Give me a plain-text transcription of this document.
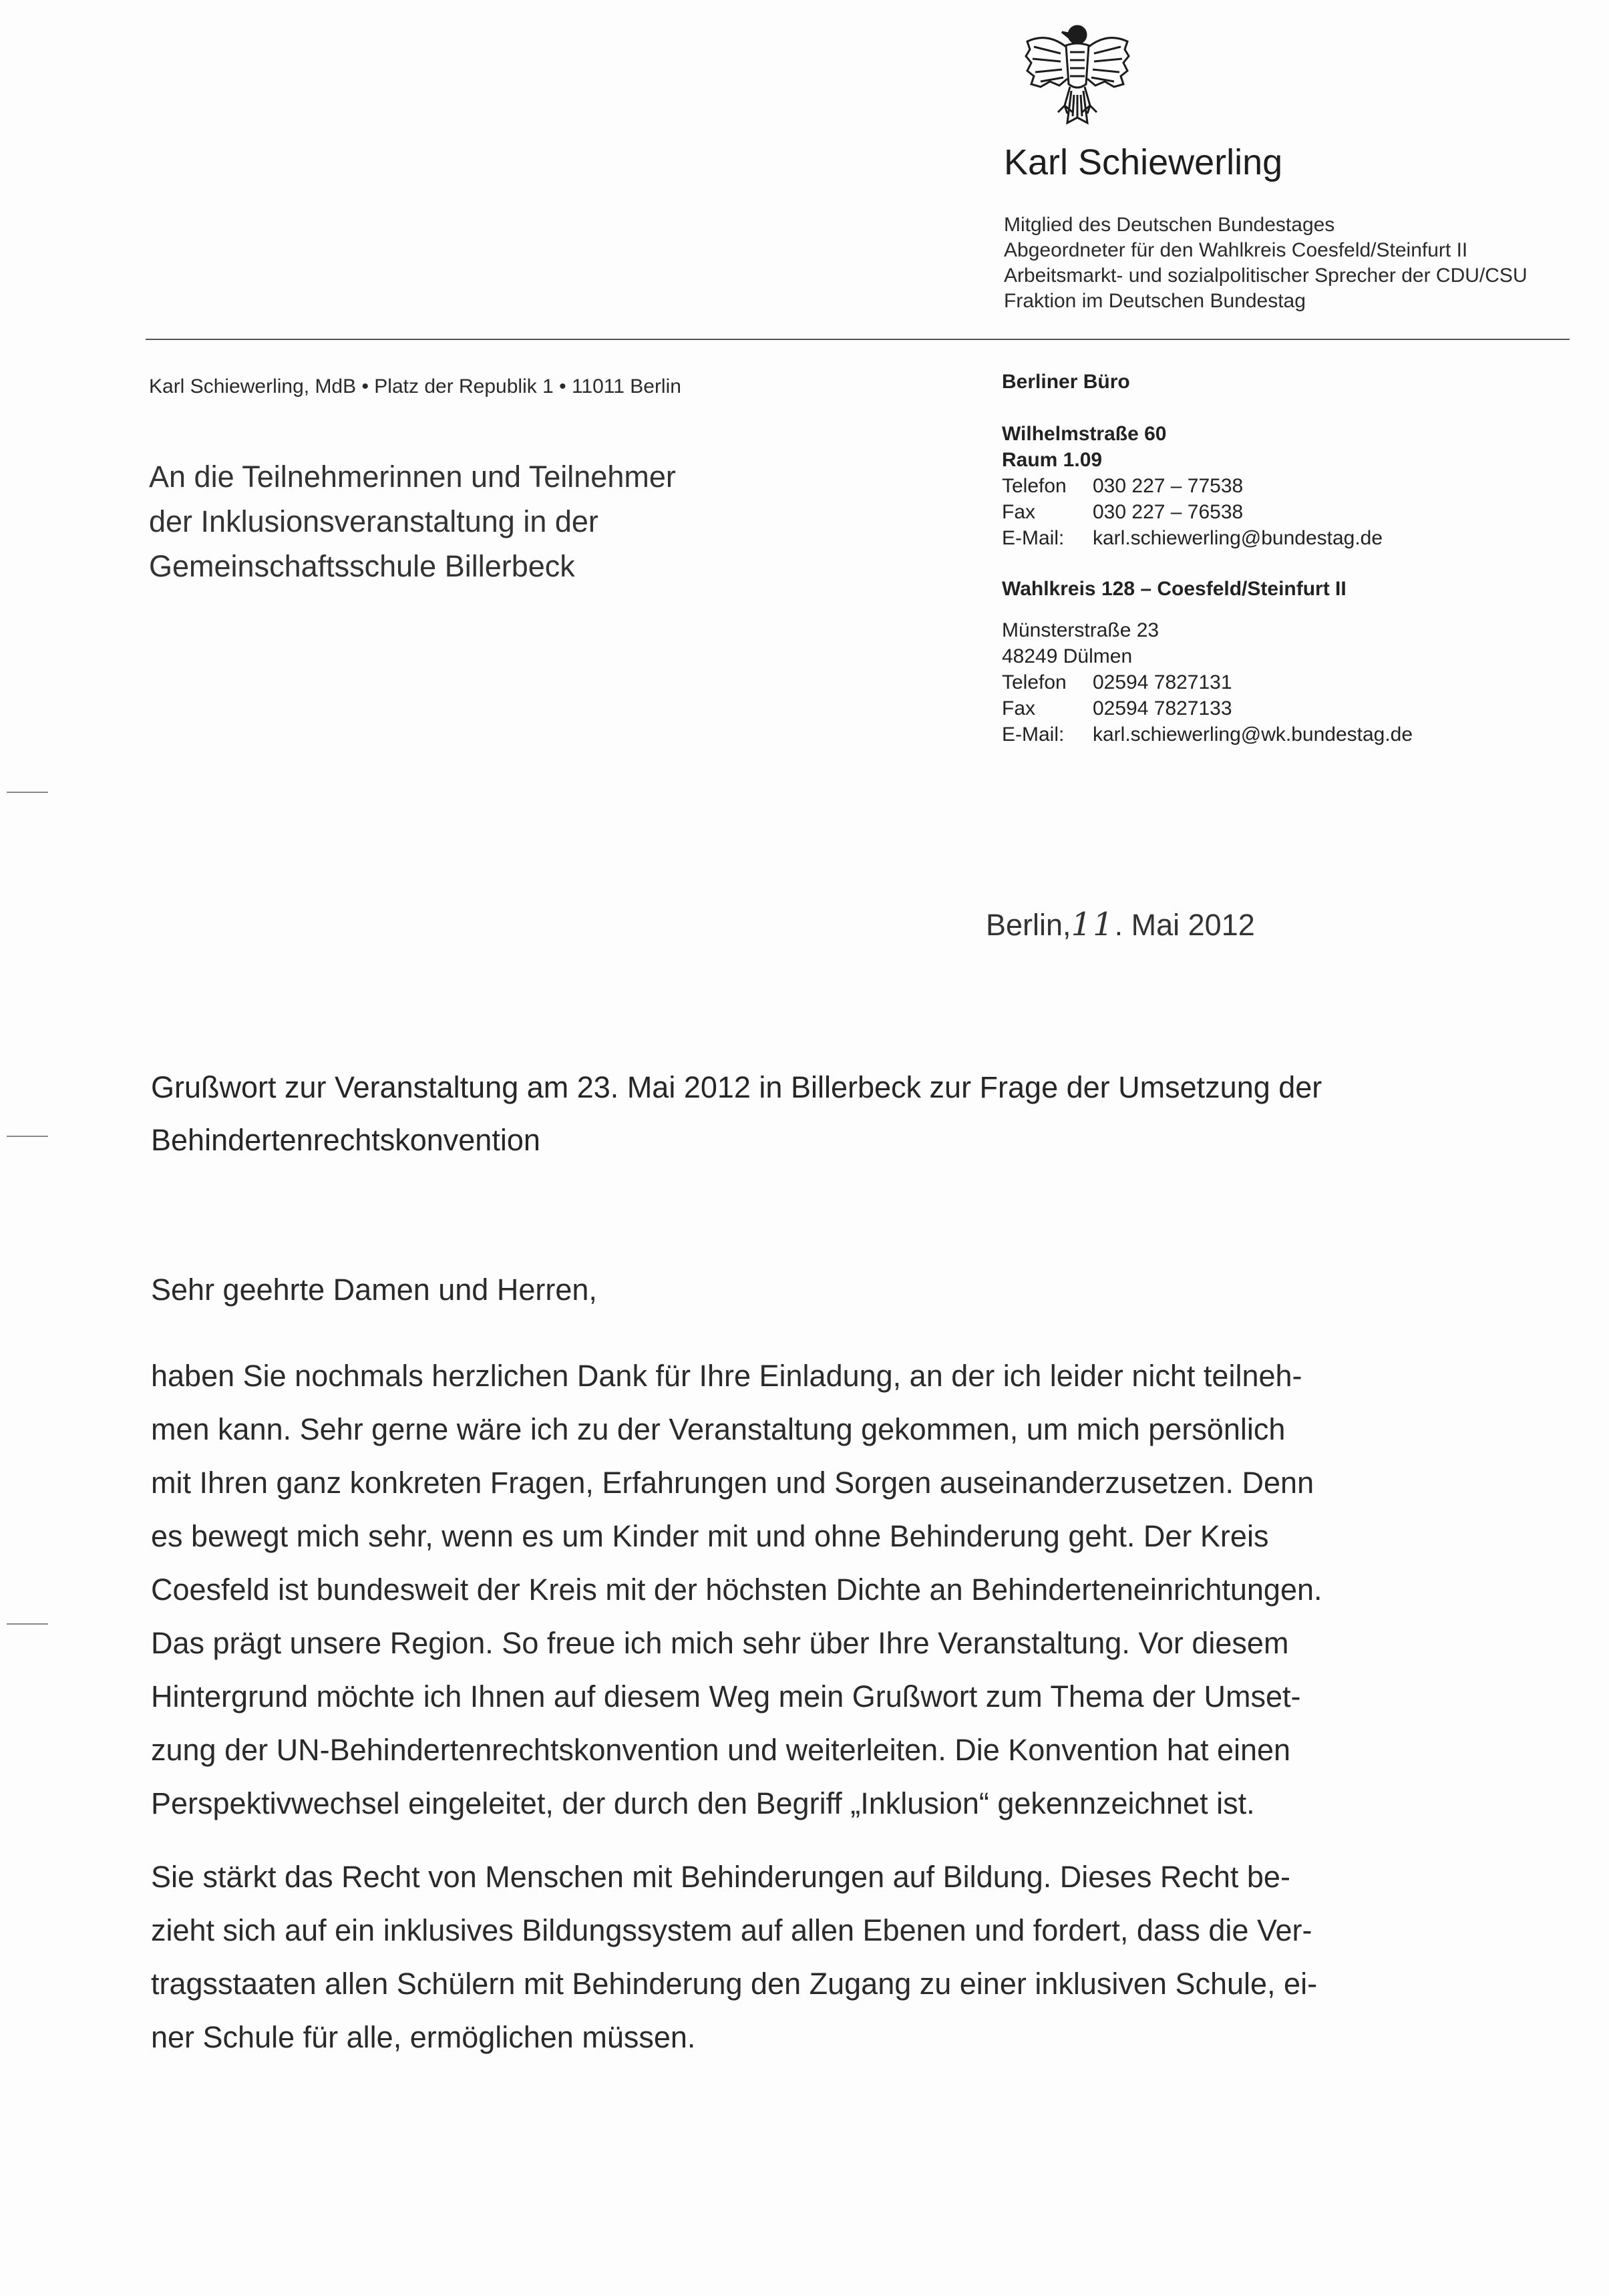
Karl Schiewerling
Mitglied des Deutschen Bundestages
Abgeordneter für den Wahlkreis Coesfeld/Steinfurt II
Arbeitsmarkt- und sozialpolitischer Sprecher der CDU/CSU
Fraktion im Deutschen Bundestag
Karl Schiewerling, MdB • Platz der Republik 1 • 11011 Berlin
An die Teilnehmerinnen und Teilnehmer
der Inklusionsveranstaltung in der
Gemeinschaftsschule Billerbeck
Berliner Büro
Wilhelmstraße 60
Raum 1.09
Telefon 030 227 – 77538
Fax	030 227 – 76538
E-Mail: karl.schiewerling@bundestag.de
Wahlkreis 128 – Coesfeld/Steinfurt II
Münsterstraße 23
48249 Dülmen
Telefon 02594 7827131
Fax	02594 7827133
E-Mail: karl.schiewerling@wk.bundestag.de
Berlin,11. Mai 2012
Grußwort zur Veranstaltung am 23. Mai 2012 in Billerbeck zur Frage der Umsetzung der
Behindertenrechtskonvention
Sehr geehrte Damen und Herren,
haben Sie nochmals herzlichen Dank für Ihre Einladung, an der ich leider nicht teilneh-
men kann. Sehr gerne wäre ich zu der Veranstaltung gekommen, um mich persönlich
mit Ihren ganz konkreten Fragen, Erfahrungen und Sorgen auseinanderzusetzen. Denn
es bewegt mich sehr, wenn es um Kinder mit und ohne Behinderung geht. Der Kreis
Coesfeld ist bundesweit der Kreis mit der höchsten Dichte an Behinderteneinrichtungen.
Das prägt unsere Region. So freue ich mich sehr über Ihre Veranstaltung. Vor diesem
Hintergrund möchte ich Ihnen auf diesem Weg mein Grußwort zum Thema der Umset-
zung der UN-Behindertenrechtskonvention und weiterleiten. Die Konvention hat einen
Perspektivwechsel eingeleitet, der durch den Begriff „Inklusion“ gekennzeichnet ist.
Sie stärkt das Recht von Menschen mit Behinderungen auf Bildung. Dieses Recht be-
zieht sich auf ein inklusives Bildungssystem auf allen Ebenen und fordert, dass die Ver-
tragsstaaten allen Schülern mit Behinderung den Zugang zu einer inklusiven Schule, ei-
ner Schule für alle, ermöglichen müssen.
